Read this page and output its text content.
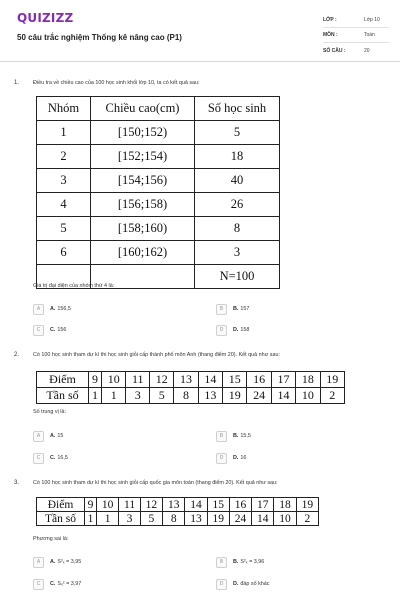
QUIZIZZ
50 câu trắc nghiệm Thống kê nâng cao (P1)
LỚP :	Lớp 10
MÔN :	Toán
SỐ CÂU :	20
1.	Điều tra về chiều cao của 100 học sinh khối lớp 10, ta có kết quả sau:
Nhóm	Chiều cao(cm)	Số học sinh
1	[150;152)	5
2	[152;154)	18
3	[154;156)	40
4	[156;158)	26
5	[158;160)	8
6	[160;162)	3
		N=100
Giá trị đại diện của nhóm thứ 4 là:
A	A. 156,5	B	B. 157
C	C. 156	D	D. 158
2.	Có 100 học sinh tham dự kì thi học sinh giỏi cấp thành phố môn Anh (thang điểm 20). Kết quả như sau:
Điểm	9	10	11	12	13	14	15	16	17	18	19
Tần số	1	1	3	5	8	13	19	24	14	10	2
Số trung vị là:
A	A. 15	B	B. 15,5
C	C. 16,5	D	D. 16
3.	Có 100 học sinh tham dự kì thi học sinh giỏi cấp quốc gia môn toán (thang điểm 20). Kết quả như sau:
Điểm	9	10	11	12	13	14	15	16	17	18	19
Tần số	1	1	3	5	8	13	19	24	14	10	2
Phương sai là:
A	A. S²ₓ = 3,95	B	B. S²ₓ = 3,96
C	C. Sₓ² = 3,97	D	D. đáp số khác
